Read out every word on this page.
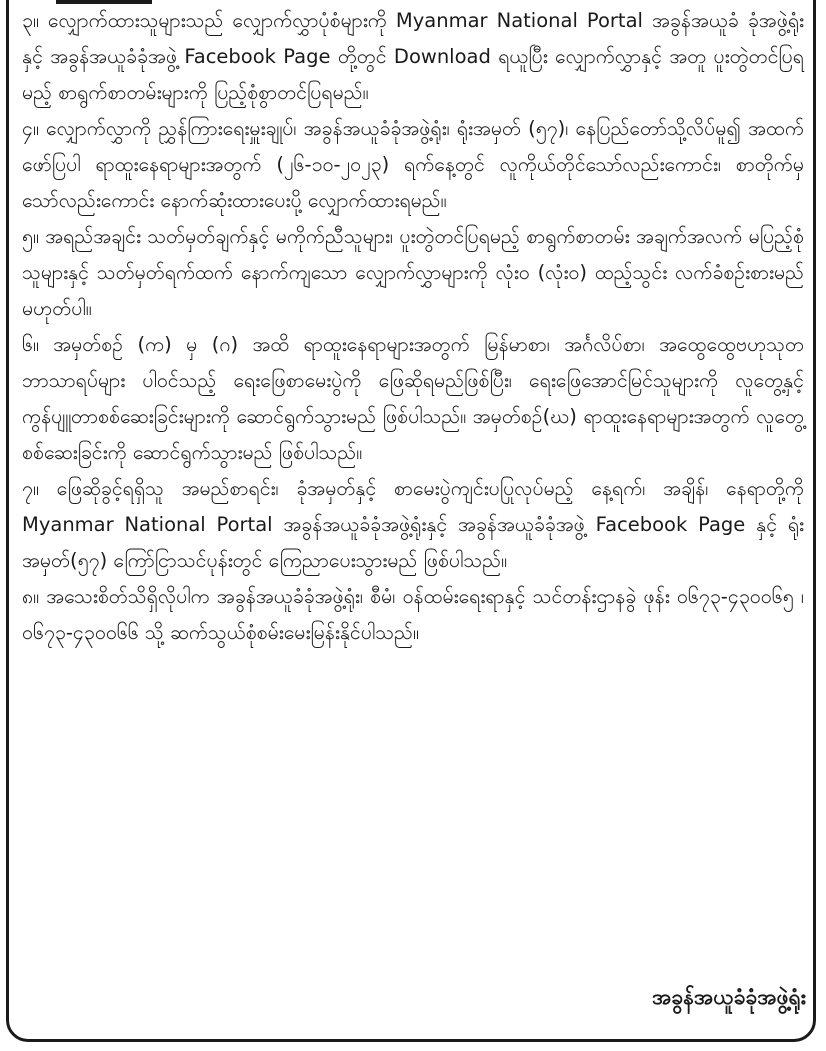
၃။ လျှောက်ထားသူများသည် လျှောက်လွှာပုံစံများကို Myanmar National Portal အခွန်အယူခံ ခုံအဖွဲ့ရုံးနှင့် အခွန်အယူခံခုံအဖွဲ့ Facebook Page တို့တွင် Download ရယူပြီး လျှောက်လွှာနှင့် အတူ ပူးတွဲတင်ပြရမည့် စာရွက်စာတမ်းများကို ပြည့်စုံစွာတင်ပြရမည်။

၄။ လျှောက်လွှာကို ညွှန်ကြားရေးမှူးချုပ်၊ အခွန်အယူခံခုံအဖွဲ့ရုံး၊ ရုံးအမှတ် (၅၇)၊ နေပြည်တော်သို့လိပ်မူ၍ အထက်ဖော်ပြပါ ရာထူးနေရာများအတွက် (၂၆-၁၀-၂၀၂၃) ရက်နေ့တွင် လူကိုယ်တိုင်သော်လည်းကောင်း၊ စာတိုက်မှသော်လည်းကောင်း နောက်ဆုံးထားပေးပို့ လျှောက်ထားရမည်။

၅။ အရည်အချင်း သတ်မှတ်ချက်နှင့် မကိုက်ညီသူများ၊ ပူးတွဲတင်ပြရမည့် စာရွက်စာတမ်း အချက်အလက် မပြည့်စုံသူများနှင့် သတ်မှတ်ရက်ထက် နောက်ကျသော လျှောက်လွှာများကို လုံးဝ (လုံးဝ) ထည့်သွင်း လက်ခံစဉ်းစားမည် မဟုတ်ပါ။

၆။ အမှတ်စဉ် (က) မှ (ဂ) အထိ ရာထူးနေရာများအတွက် မြန်မာစာ၊ အင်္ဂလိပ်စာ၊ အထွေထွေဗဟုသုတဘာသာရပ်များ ပါဝင်သည့် ရေးဖြေစာမေးပွဲကို ဖြေဆိုရမည်ဖြစ်ပြီး၊ ရေးဖြေအောင်မြင်သူများကို လူတွေ့နှင့် ကွန်ပျူတာစစ်ဆေးခြင်းများကို ဆောင်ရွက်သွားမည် ဖြစ်ပါသည်။ အမှတ်စဉ်(ဃ) ရာထူးနေရာများအတွက် လူတွေ့စစ်ဆေးခြင်းကို ဆောင်ရွက်သွားမည် ဖြစ်ပါသည်။

၇။ ဖြေဆိုခွင့်ရရှိသူ အမည်စာရင်း၊ ခုံအမှတ်နှင့် စာမေးပွဲကျင်းပပြုလုပ်မည့် နေ့ရက်၊ အချိန်၊ နေရာတို့ကို Myanmar National Portal အခွန်အယူခံခုံအဖွဲ့ရုံးနှင့် အခွန်အယူခံခုံအဖွဲ့ Facebook Page နှင့် ရုံးအမှတ်(၅၇) ကြော်ငြာသင်ပုန်းတွင် ကြေညာပေးသွားမည် ဖြစ်ပါသည်။

၈။ အသေးစိတ်သိရှိလိုပါက အခွန်အယူခံခုံအဖွဲ့ရုံး၊ စီမံ၊ ဝန်ထမ်းရေးရာနှင့် သင်တန်းဌာနခွဲ ဖုန်း ၀၆၇၃-၄၃၀၀၆၅ ၊ ၀၆၇၃-၄၃၀၀၆၆ သို့ ဆက်သွယ်စုံစမ်းမေးမြန်းနိုင်ပါသည်။

အခွန်အယူခံခုံအဖွဲ့ရုံး
